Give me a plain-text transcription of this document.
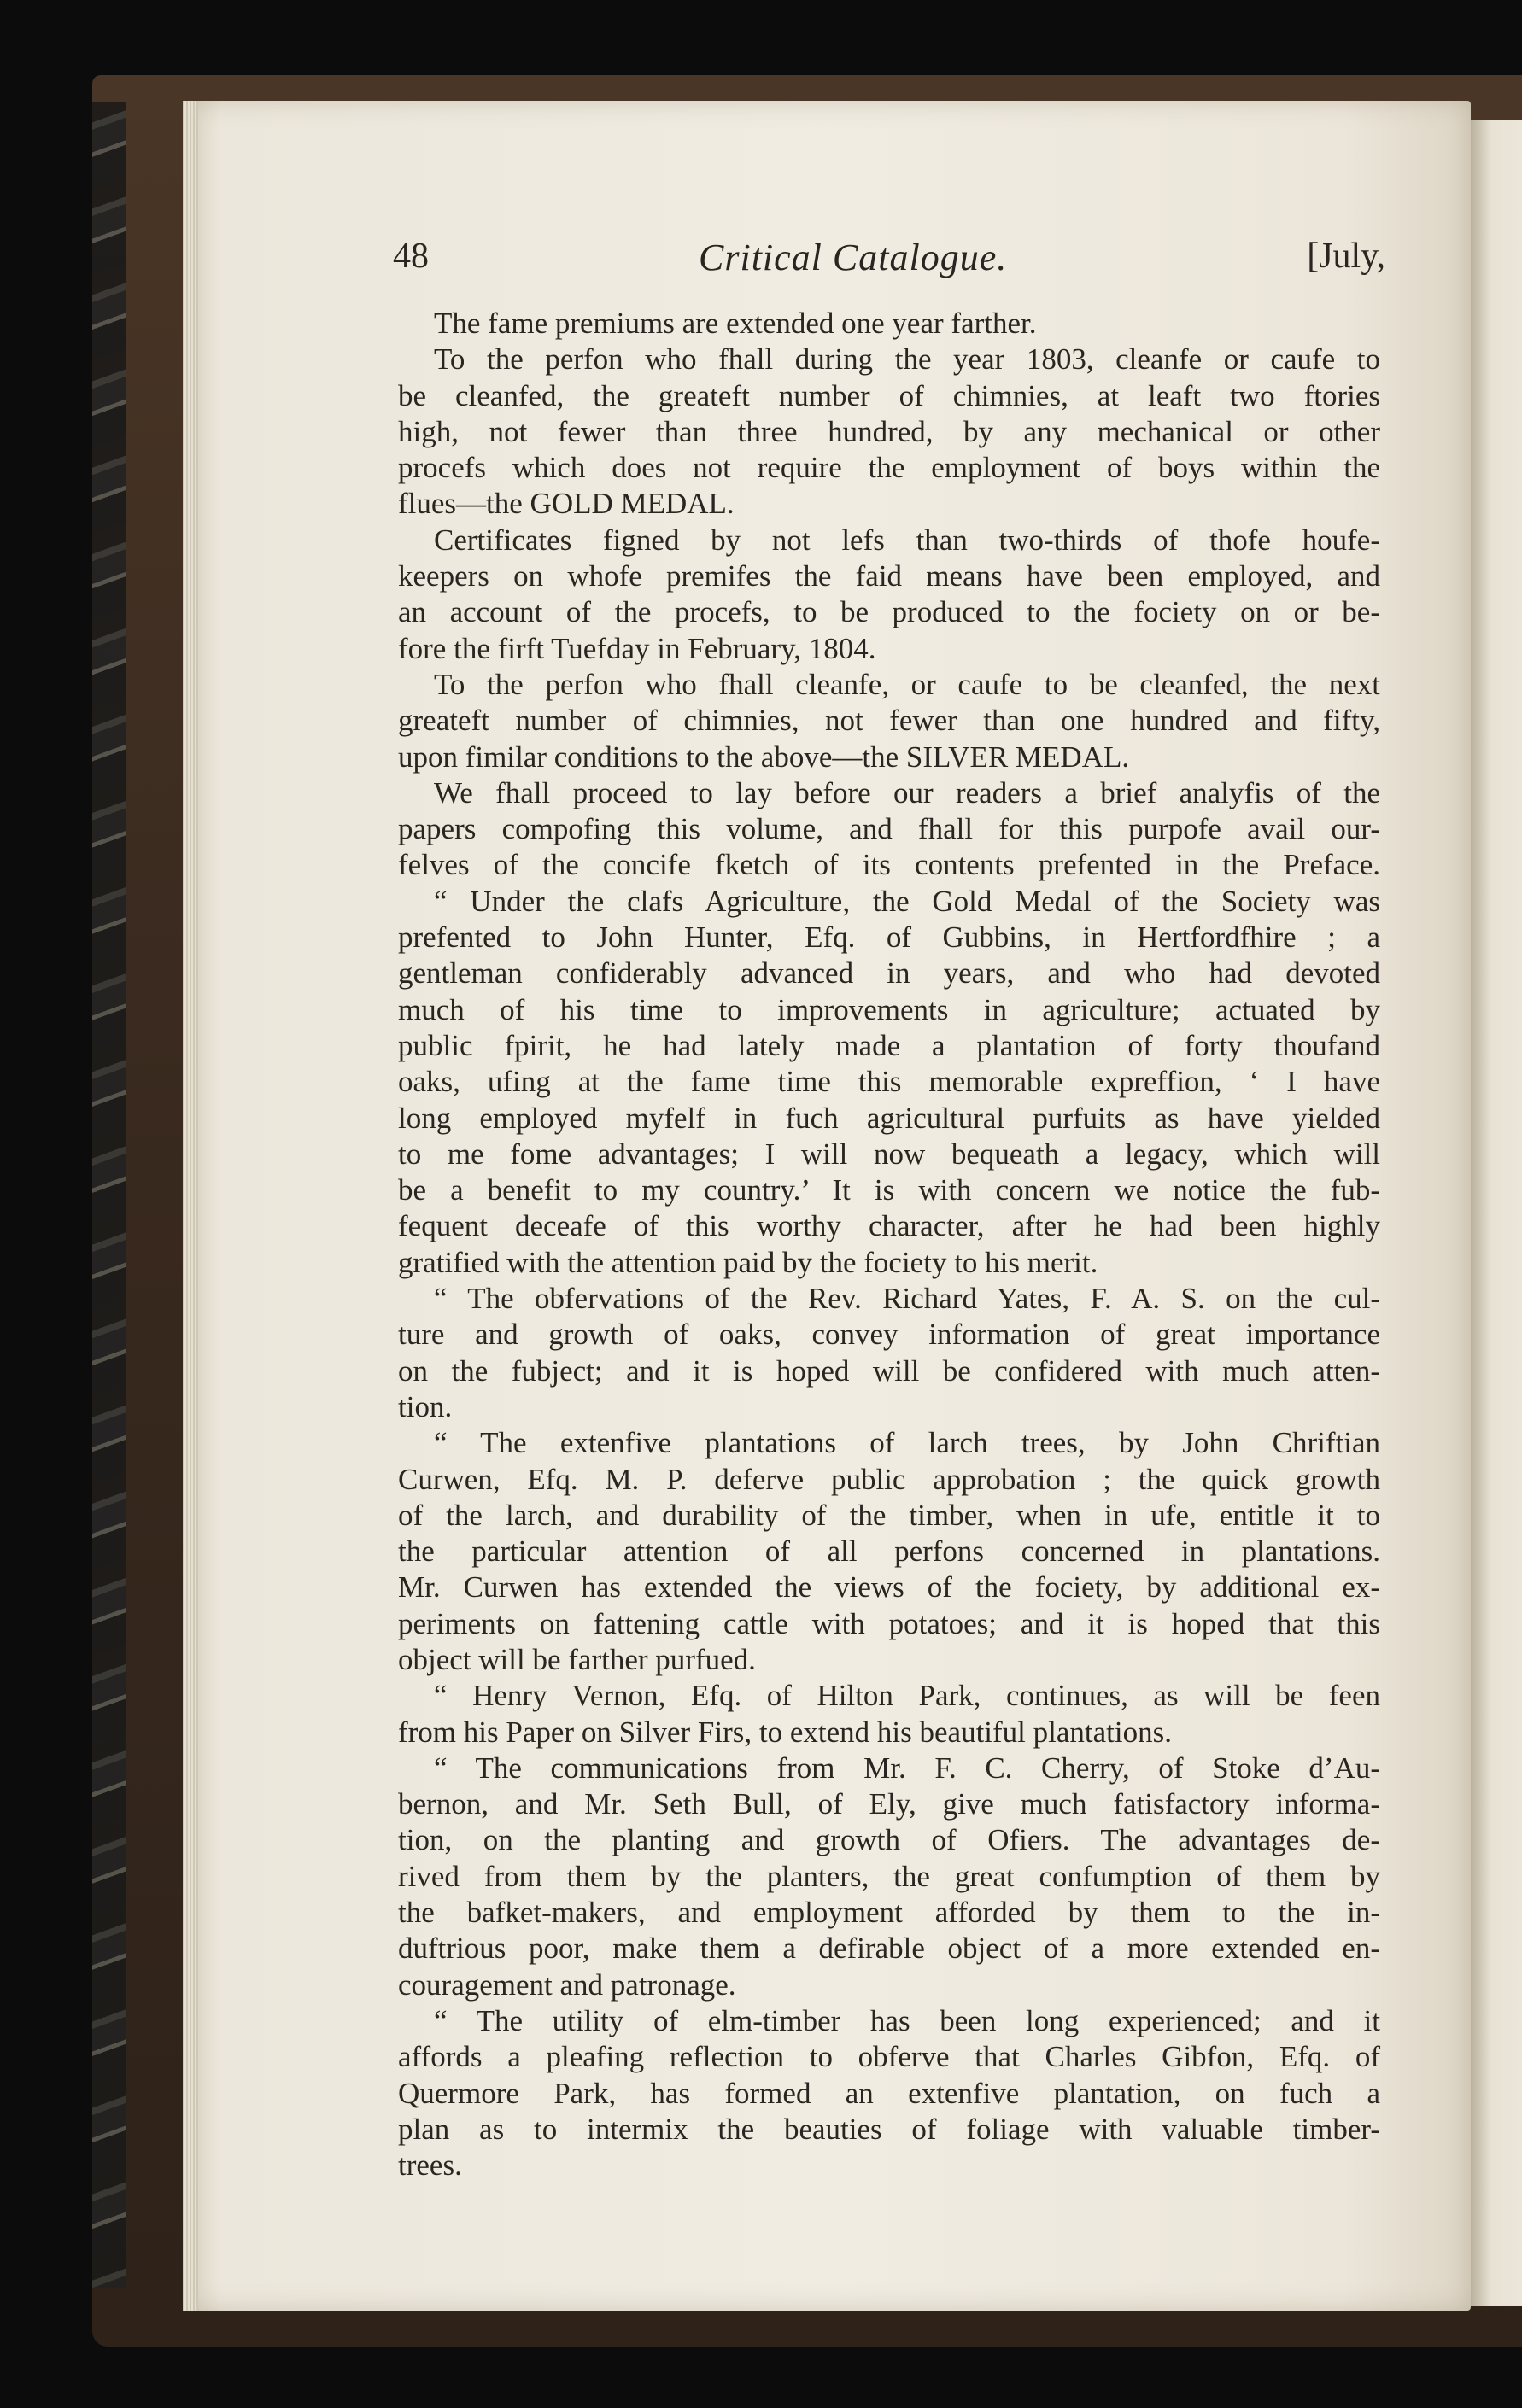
48	Critical Catalogue.	[July,
The fame premiums are extended one year farther.
To the perfon who fhall during the year 1803, cleanfe or caufe to
be cleanfed, the greateft number of chimnies, at leaft two ftories
high, not fewer than three hundred, by any mechanical or other
procefs which does not require the employment of boys within the
flues—the GOLD MEDAL.
Certificates figned by not lefs than two-thirds of thofe houfe-
keepers on whofe premifes the faid means have been employed, and
an account of the procefs, to be produced to the fociety on or be-
fore the firft Tuefday in February, 1804.
To the perfon who fhall cleanfe, or caufe to be cleanfed, the next
greateft number of chimnies, not fewer than one hundred and fifty,
upon fimilar conditions to the above—the SILVER MEDAL.
We fhall proceed to lay before our readers a brief analyfis of the
papers compofing this volume, and fhall for this purpofe avail our-
felves of the concife fketch of its contents prefented in the Preface.
“ Under the clafs Agriculture, the Gold Medal of the Society was
prefented to John Hunter, Efq. of Gubbins, in Hertfordfhire ; a
gentleman confiderably advanced in years, and who had devoted
much of his time to improvements in agriculture; actuated by
public fpirit, he had lately made a plantation of forty thoufand
oaks, ufing at the fame time this memorable expreffion, ‘ I have
long employed myfelf in fuch agricultural purfuits as have yielded
to me fome advantages; I will now bequeath a legacy, which will
be a benefit to my country.’ It is with concern we notice the fub-
fequent deceafe of this worthy character, after he had been highly
gratified with the attention paid by the fociety to his merit.
“ The obfervations of the Rev. Richard Yates, F. A. S. on the cul-
ture and growth of oaks, convey information of great importance
on the fubject; and it is hoped will be confidered with much atten-
tion.
“ The extenfive plantations of larch trees, by John Chriftian
Curwen, Efq. M. P. deferve public approbation ; the quick growth
of the larch, and durability of the timber, when in ufe, entitle it to
the particular attention of all perfons concerned in plantations.
Mr. Curwen has extended the views of the fociety, by additional ex-
periments on fattening cattle with potatoes; and it is hoped that this
object will be farther purfued.
“ Henry Vernon, Efq. of Hilton Park, continues, as will be feen
from his Paper on Silver Firs, to extend his beautiful plantations.
“ The communications from Mr. F. C. Cherry, of Stoke d’Au-
bernon, and Mr. Seth Bull, of Ely, give much fatisfactory informa-
tion, on the planting and growth of Ofiers. The advantages de-
rived from them by the planters, the great confumption of them by
the bafket-makers, and employment afforded by them to the in-
duftrious poor, make them a defirable object of a more extended en-
couragement and patronage.
“ The utility of elm-timber has been long experienced; and it
affords a pleafing reflection to obferve that Charles Gibfon, Efq. of
Quermore Park, has formed an extenfive plantation, on fuch a
plan as to intermix the beauties of foliage with valuable timber-
trees.
